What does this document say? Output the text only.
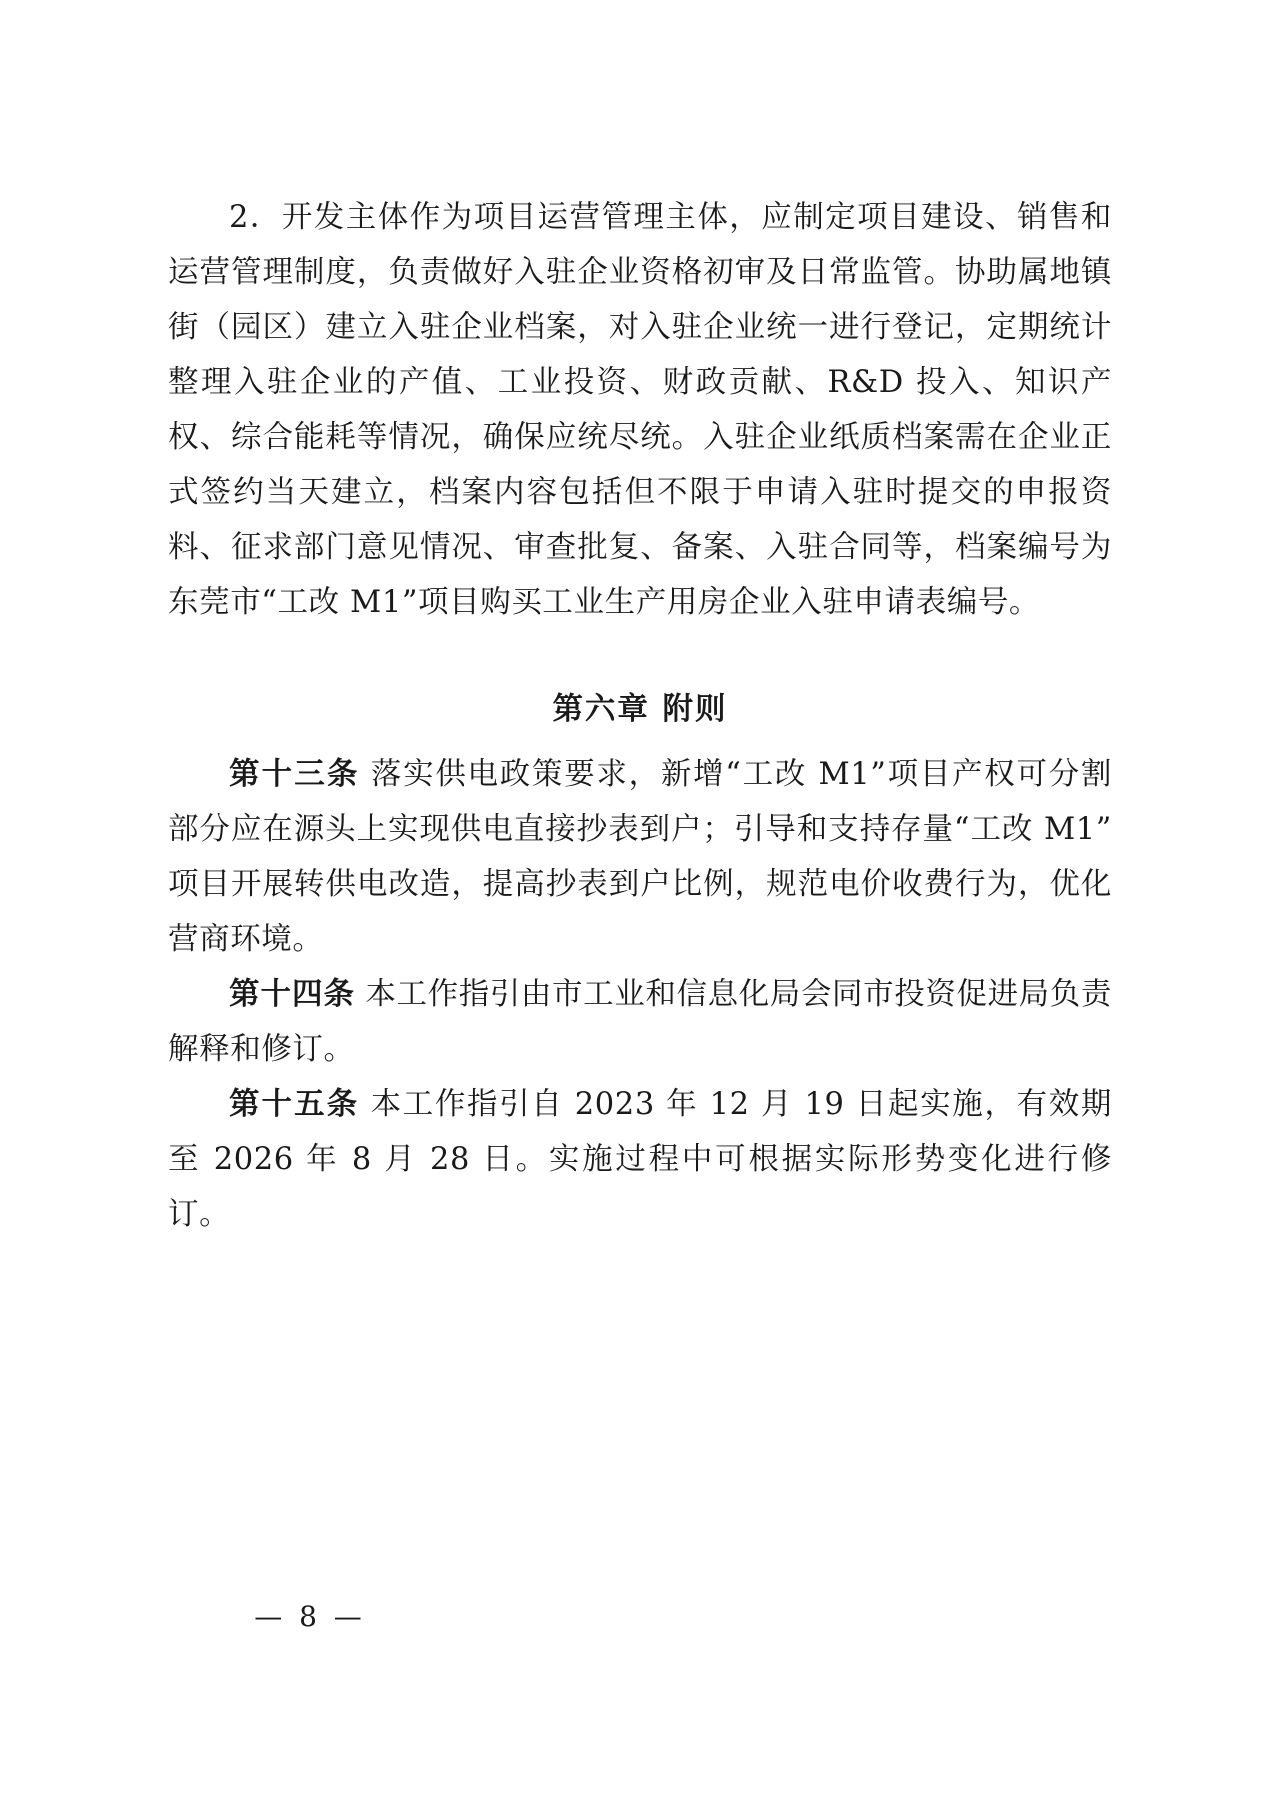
2．开发主体作为项目运营管理主体，应制定项目建设、销售和运营管理制度，负责做好入驻企业资格初审及日常监管。协助属地镇街（园区）建立入驻企业档案，对入驻企业统一进行登记，定期统计整理入驻企业的产值、工业投资、财政贡献、R&D 投入、知识产权、综合能耗等情况，确保应统尽统。入驻企业纸质档案需在企业正式签约当天建立，档案内容包括但不限于申请入驻时提交的申报资料、征求部门意见情况、审查批复、备案、入驻合同等，档案编号为东莞市“工改 M1”项目购买工业生产用房企业入驻申请表编号。

第六章 附则

第十三条 落实供电政策要求，新增“工改 M1”项目产权可分割部分应在源头上实现供电直接抄表到户；引导和支持存量“工改 M1”项目开展转供电改造，提高抄表到户比例，规范电价收费行为，优化营商环境。

第十四条 本工作指引由市工业和信息化局会同市投资促进局负责解释和修订。

第十五条 本工作指引自 2023 年 12 月 19 日起实施，有效期至 2026 年 8 月 28 日。实施过程中可根据实际形势变化进行修订。

— 8 —
